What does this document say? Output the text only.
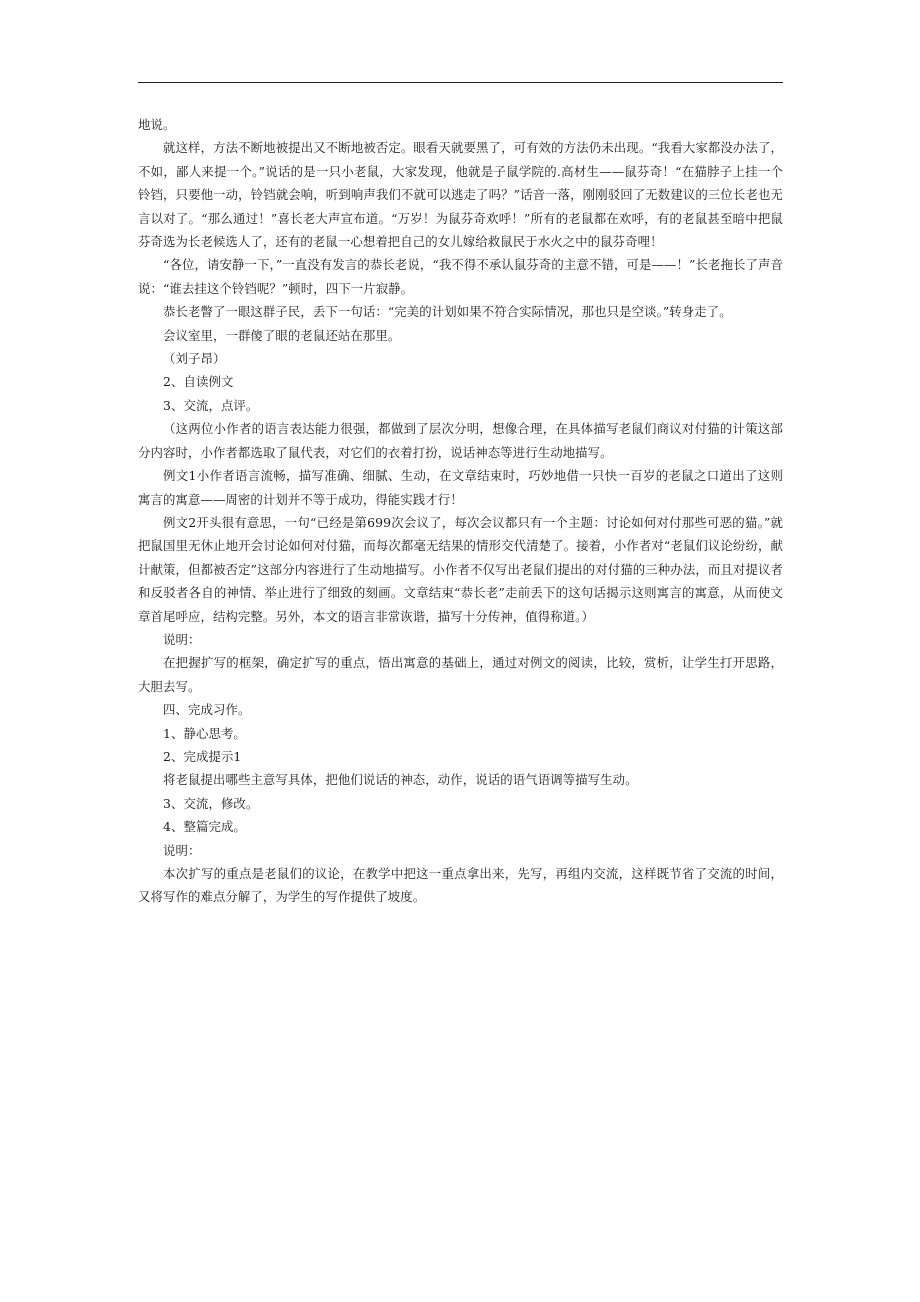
地说。

就这样，方法不断地被提出又不断地被否定。眼看天就要黑了，可有效的方法仍未出现。“我看大家都没办法了，不如，鄙人来提一个。”说话的是一只小老鼠，大家发现，他就是子鼠学院的.高材生——鼠芬奇！“在猫脖子上挂一个铃铛，只要他一动，铃铛就会响，听到响声我们不就可以逃走了吗？”话音一落，刚刚驳回了无数建议的三位长老也无言以对了。“那么通过！”喜长老大声宣布道。“万岁！为鼠芬奇欢呼！”所有的老鼠都在欢呼，有的老鼠甚至暗中把鼠芬奇选为长老候选人了，还有的老鼠一心想着把自己的女儿嫁给救鼠民于水火之中的鼠芬奇哩！

“各位，请安静一下，”一直没有发言的恭长老说，“我不得不承认鼠芬奇的主意不错，可是——！”长老拖长了声音说：“谁去挂这个铃铛呢？”顿时，四下一片寂静。

恭长老瞥了一眼这群子民，丢下一句话：“完美的计划如果不符合实际情况，那也只是空谈。”转身走了。

会议室里，一群傻了眼的老鼠还站在那里。

（刘子昂）

2、自读例文

3、交流，点评。

（这两位小作者的语言表达能力很强，都做到了层次分明，想像合理，在具体描写老鼠们商议对付猫的计策这部分内容时，小作者都选取了鼠代表，对它们的衣着打扮，说话神态等进行生动地描写。

例文1小作者语言流畅，描写准确、细腻、生动，在文章结束时，巧妙地借一只快一百岁的老鼠之口道出了这则寓言的寓意——周密的计划并不等于成功，得能实践才行！

例文2开头很有意思，一句“已经是第699次会议了，每次会议都只有一个主题：讨论如何对付那些可恶的猫。”就把鼠国里无休止地开会讨论如何对付猫，而每次都毫无结果的情形交代清楚了。接着，小作者对“老鼠们议论纷纷，献计献策，但都被否定”这部分内容进行了生动地描写。小作者不仅写出老鼠们提出的对付猫的三种办法，而且对提议者和反驳者各自的神情、举止进行了细致的刻画。文章结束“恭长老”走前丢下的这句话揭示这则寓言的寓意，从而使文章首尾呼应，结构完整。另外，本文的语言非常诙谐，描写十分传神，值得称道。）

说明：

在把握扩写的框架，确定扩写的重点，悟出寓意的基础上，通过对例文的阅读，比较，赏析，让学生打开思路，大胆去写。

四、完成习作。

1、静心思考。

2、完成提示1

将老鼠提出哪些主意写具体，把他们说话的神态，动作，说话的语气语调等描写生动。

3、交流，修改。

4、整篇完成。

说明：

本次扩写的重点是老鼠们的议论，在教学中把这一重点拿出来，先写，再组内交流，这样既节省了交流的时间，又将写作的难点分解了，为学生的写作提供了坡度。
